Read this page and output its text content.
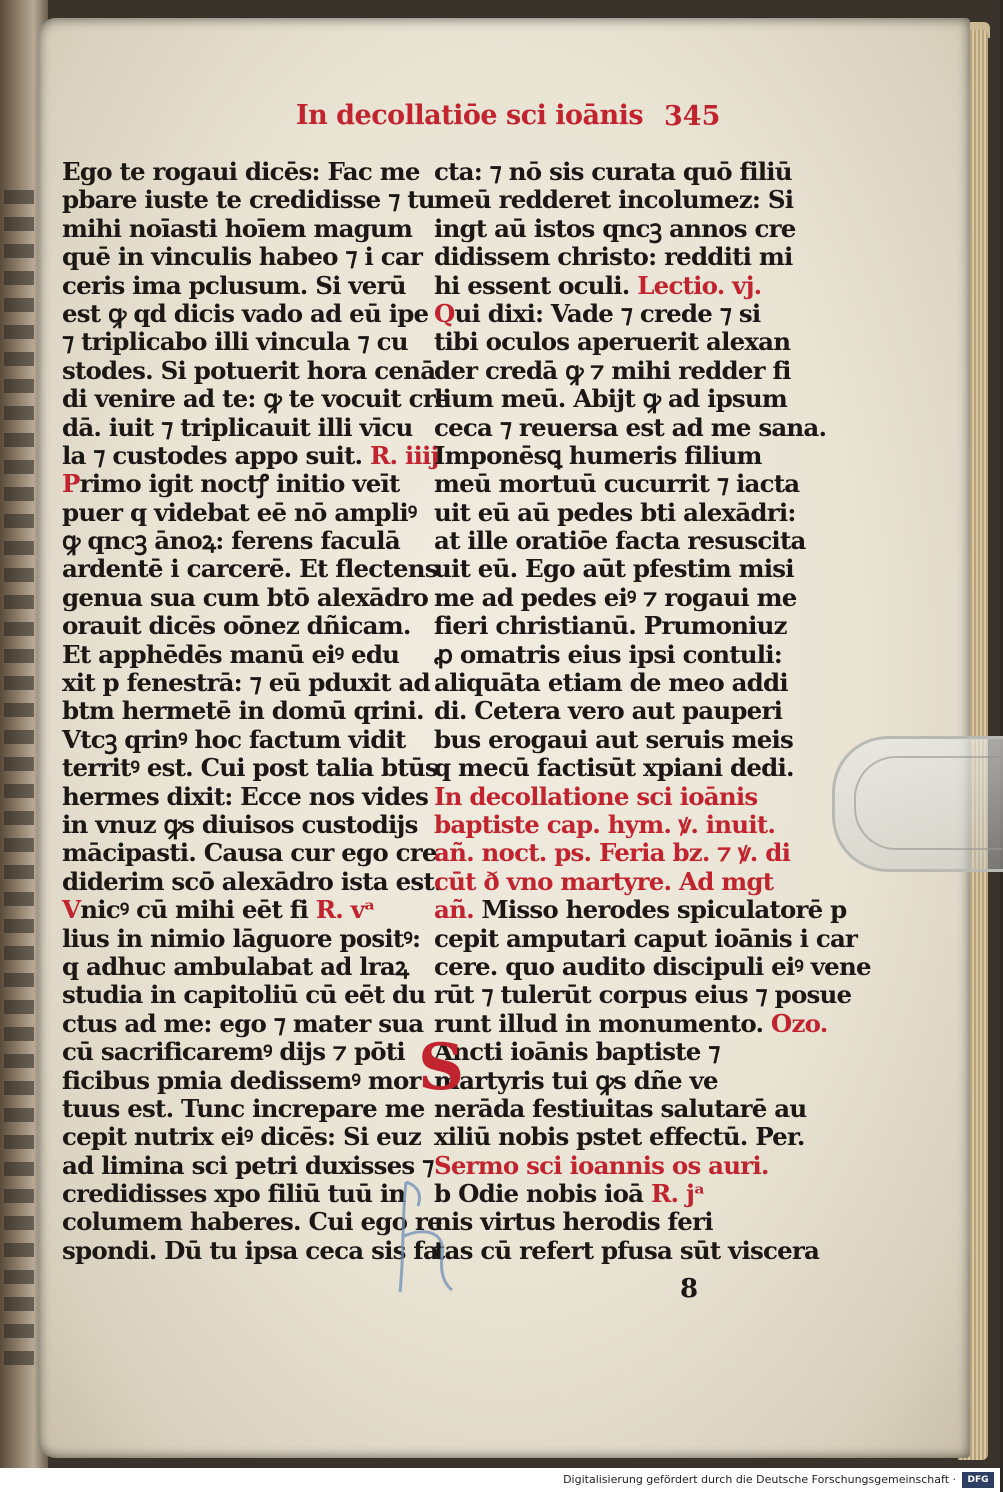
In decollatiōe sci ioānis 345
Ego te rogaui dicēs: Fac me
pbare iuste te credidisse ⁊ tu
mihi noīasti hoīem magum
quē in vinculis habeo ⁊ i car
ceris ima pclusum. Si verū
est ꝙ qd dicis vado ad eū ipe
⁊ triplicabo illi vincula ⁊ cu
stodes. Si potuerit hora cenā
di venire ad te: ꝙ te vocuit cre
dā. iuit ⁊ triplicauit illi vīcu
la ⁊ custodes appo suit. R. iiij
Primo igit noctꝭ initio veīt
puer q videbat eē nō ampliꝰ
ꝙ qncꝫ ānoꝝ: ferens faculā
ardentē i carcerē. Et flectens
genua sua cum btō alexādro
orauit dicēs oōnez dñicam.
Et apphēdēs manū eiꝰ edu
xit p fenestrā: ⁊ eū pduxit ad
btm hermetē in domū qrini.
Vtcꝫ qrinꝰ hoc factum vidit
territꝰ est. Cui post talia btūs
hermes dixit: Ecce nos vides
in vnuz ꝙs diuisos custodijs
mācipasti. Causa cur ego cre
diderim scō alexādro ista est.
Vnicꝰ cū mihi eēt fi R. vᵃ
lius in nimio lāguore positꝰ:
q adhuc ambulabat ad lraꝝ
studia in capitoliū cū eēt du
ctus ad me: ego ⁊ mater sua
cū sacrificaremꝰ dijs ⁊ pōti
ficibus pmia dedissemꝰ mor
tuus est. Tunc increpare me
cepit nutrix eiꝰ dicēs: Si euz
ad limina sci petri duxisses ⁊
credidisses xpo filiū tuū in
columem haberes. Cui ego re
spondi. Dū tu ipsa ceca sis fa
cta: ⁊ nō sis curata quō filiū
meū redderet incolumez: Si
ingt aū istos qncꝫ annos cre
didissem christo: redditi mi
hi essent oculi. Lectio. vj.
Qui dixi: Vade ⁊ crede ⁊ si
tibi oculos aperuerit alexan
der credā ꝙ ⁊ mihi redder fi
lium meū. Abijt ꝙ ad ipsum
ceca ⁊ reuersa est ad me sana.
Imponēsꝗ humeris filium
meū mortuū cucurrit ⁊ iacta
uit eū aū pedes bti alexādri:
at ille oratiōe facta resuscita
uit eū. Ego aūt pfestim misi
me ad pedes eiꝰ ⁊ rogaui me
fieri christianū. Prumoniuz
ꝓ omatris eius ipsi contuli:
aliquāta etiam de meo addi
di. Cetera vero aut pauperi
bus erogaui aut seruis meis
q mecū factisūt xpiani dedi.
In decollatione sci ioānis
baptiste cap. hym. ꝟ. inuit.
añ. noct. ps. Feria bz. ⁊ ꝟ. di
cūt ð vno martyre. Ad mgt
añ. Misso herodes spiculatorē p
cepit amputari caput ioānis i car
cere. quo audito discipuli eiꝰ vene
rūt ⁊ tulerūt corpus eius ⁊ posue
runt illud in monumento. Ozo.
Ancti ioānis baptiste ⁊
martyris tui ꝙs dñe ve
nerāda festiuitas salutarē au
xiliū nobis pstet effectū. Per.
Sermo sci ioannis os auri.
b Odie nobis ioā R. jᵃ
nis virtus herodis feri
tas cū refert pfusa sūt viscera
S
8
Digitalisierung gefördert durch die Deutsche Forschungsgemeinschaft ·	DFG
